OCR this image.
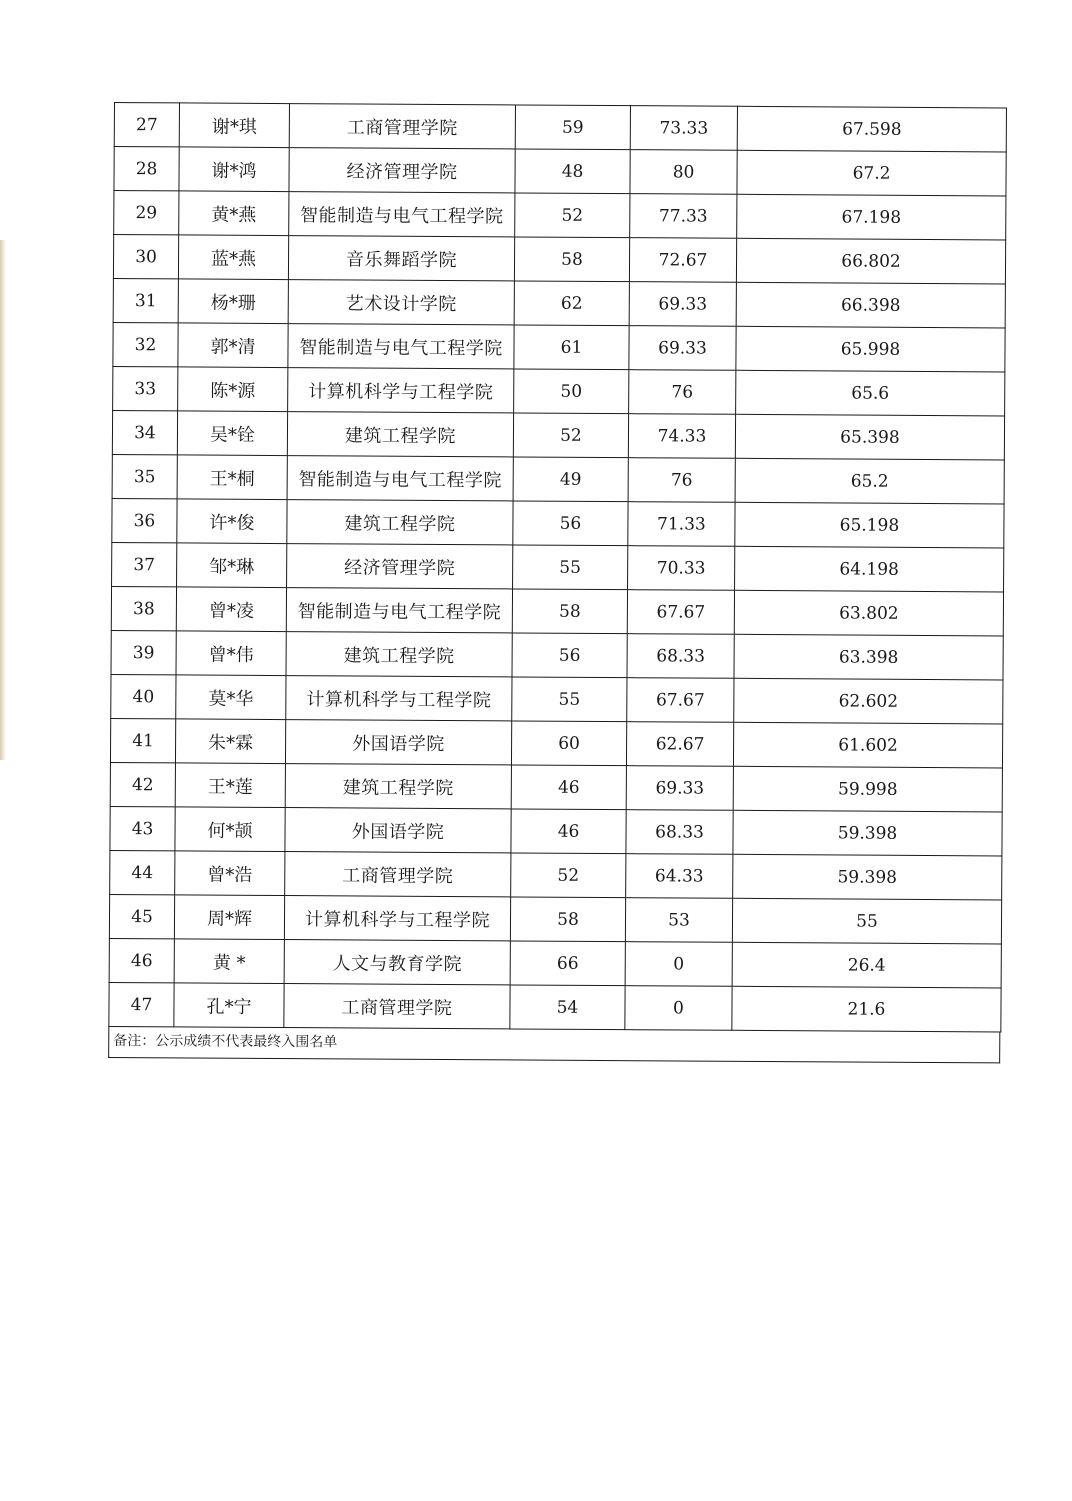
27	谢*琪	工商管理学院	59	73.33	67.598
28	谢*鸿	经济管理学院	48	80	67.2
29	黄*燕	智能制造与电气工程学院	52	77.33	67.198
30	蓝*燕	音乐舞蹈学院	58	72.67	66.802
31	杨*珊	艺术设计学院	62	69.33	66.398
32	郭*清	智能制造与电气工程学院	61	69.33	65.998
33	陈*源	计算机科学与工程学院	50	76	65.6
34	吴*铨	建筑工程学院	52	74.33	65.398
35	王*桐	智能制造与电气工程学院	49	76	65.2
36	许*俊	建筑工程学院	56	71.33	65.198
37	邹*琳	经济管理学院	55	70.33	64.198
38	曾*凌	智能制造与电气工程学院	58	67.67	63.802
39	曾*伟	建筑工程学院	56	68.33	63.398
40	莫*华	计算机科学与工程学院	55	67.67	62.602
41	朱*霖	外国语学院	60	62.67	61.602
42	王*莲	建筑工程学院	46	69.33	59.998
43	何*颉	外国语学院	46	68.33	59.398
44	曾*浩	工商管理学院	52	64.33	59.398
45	周*辉	计算机科学与工程学院	58	53	55
46	黄 *	人文与教育学院	66	0	26.4
47	孔*宁	工商管理学院	54	0	21.6
备注：公示成绩不代表最终入围名单
